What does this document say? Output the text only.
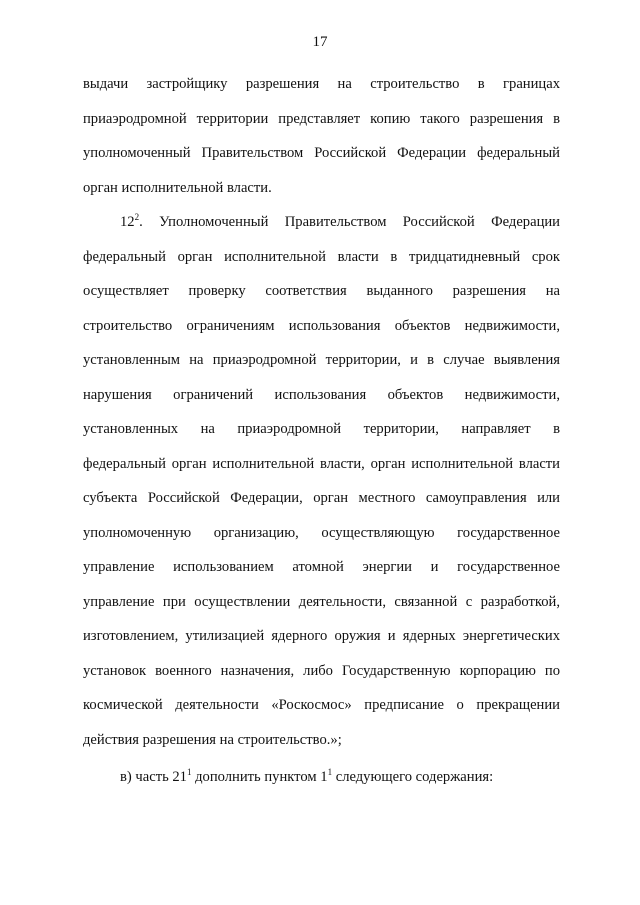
17
выдачи застройщику разрешения на строительство в границах
приаэродромной территории представляет копию такого разрешения в
уполномоченный Правительством Российской Федерации федеральный
орган исполнительной власти.
$12^2$. Уполномоченный Правительством Российской Федерации
федеральный орган исполнительной власти в тридцатидневный срок
осуществляет проверку соответствия выданного разрешения на
строительство ограничениям использования объектов недвижимости,
установленным на приаэродромной территории, и в случае выявления
нарушения ограничений использования объектов недвижимости,
установленных на приаэродромной территории, направляет в
федеральный орган исполнительной власти, орган исполнительной власти
субъекта Российской Федерации, орган местного самоуправления или
уполномоченную организацию, осуществляющую государственное
управление использованием атомной энергии и государственное
управление при осуществлении деятельности, связанной с разработкой,
изготовлением, утилизацией ядерного оружия и ядерных энергетических
установок военного назначения, либо Государственную корпорацию по
космической деятельности «Роскосмос» предписание о прекращении
действия разрешения на строительство.»;
в) часть $21^1$ дополнить пунктом $1^1$ следующего содержания:
